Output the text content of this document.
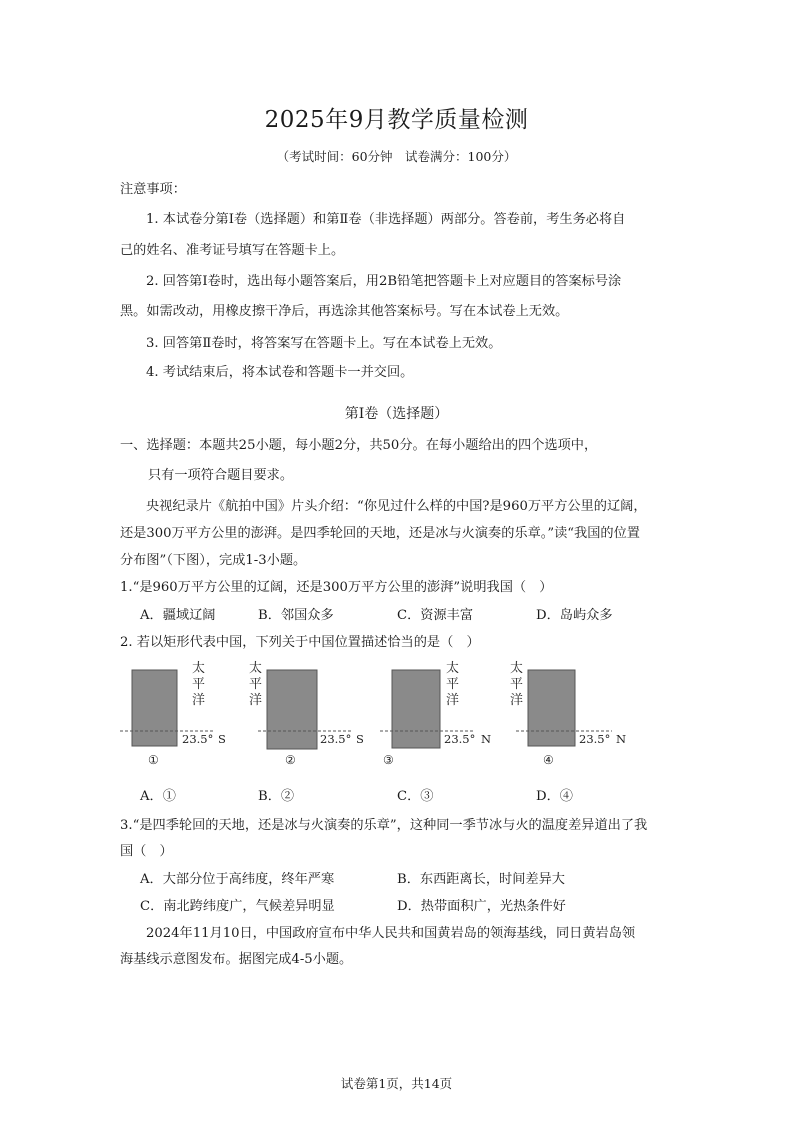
2025年9月教学质量检测
（考试时间：60分钟　试卷满分：100分）
注意事项：
1. 本试卷分第Ⅰ卷（选择题）和第Ⅱ卷（非选择题）两部分。答卷前，考生务必将自
己的姓名、准考证号填写在答题卡上。
2. 回答第Ⅰ卷时，选出每小题答案后，用2B铅笔把答题卡上对应题目的答案标号涂
黑。如需改动，用橡皮擦干净后，再选涂其他答案标号。写在本试卷上无效。
3. 回答第Ⅱ卷时，将答案写在答题卡上。写在本试卷上无效。
4. 考试结束后，将本试卷和答题卡一并交回。
第Ⅰ卷（选择题）
一、选择题：本题共25小题，每小题2分，共50分。在每小题给出的四个选项中，
只有一项符合题目要求。
央视纪录片《航拍中国》片头介绍：“你见过什么样的中国?是960万平方公里的辽阔，
还是300万平方公里的澎湃。是四季轮回的天地，还是冰与火演奏的乐章。”读“我国的位置
分布图”（下图），完成1-3小题。
1.“是960万平方公里的辽阔，还是300万平方公里的澎湃”说明我国（　）
A．疆域辽阔	B．邻国众多	C．资源丰富	D．岛屿众多
2. 若以矩形代表中国，下列关于中国位置描述恰当的是（　）
太
平
洋
23.5° S
①
太
平
洋
23.5° S
②
太
平
洋
23.5° N
③
太
平
洋
23.5° N
④
A．①	B．②	C．③	D．④
3.“是四季轮回的天地，还是冰与火演奏的乐章”，这种同一季节冰与火的温度差异道出了我
国（　）
A．大部分位于高纬度，终年严寒	B．东西距离长，时间差异大
C．南北跨纬度广，气候差异明显	D．热带面积广，光热条件好
2024年11月10日，中国政府宣布中华人民共和国黄岩岛的领海基线，同日黄岩岛领
海基线示意图发布。据图完成4-5小题。
试卷第1页，共14页
